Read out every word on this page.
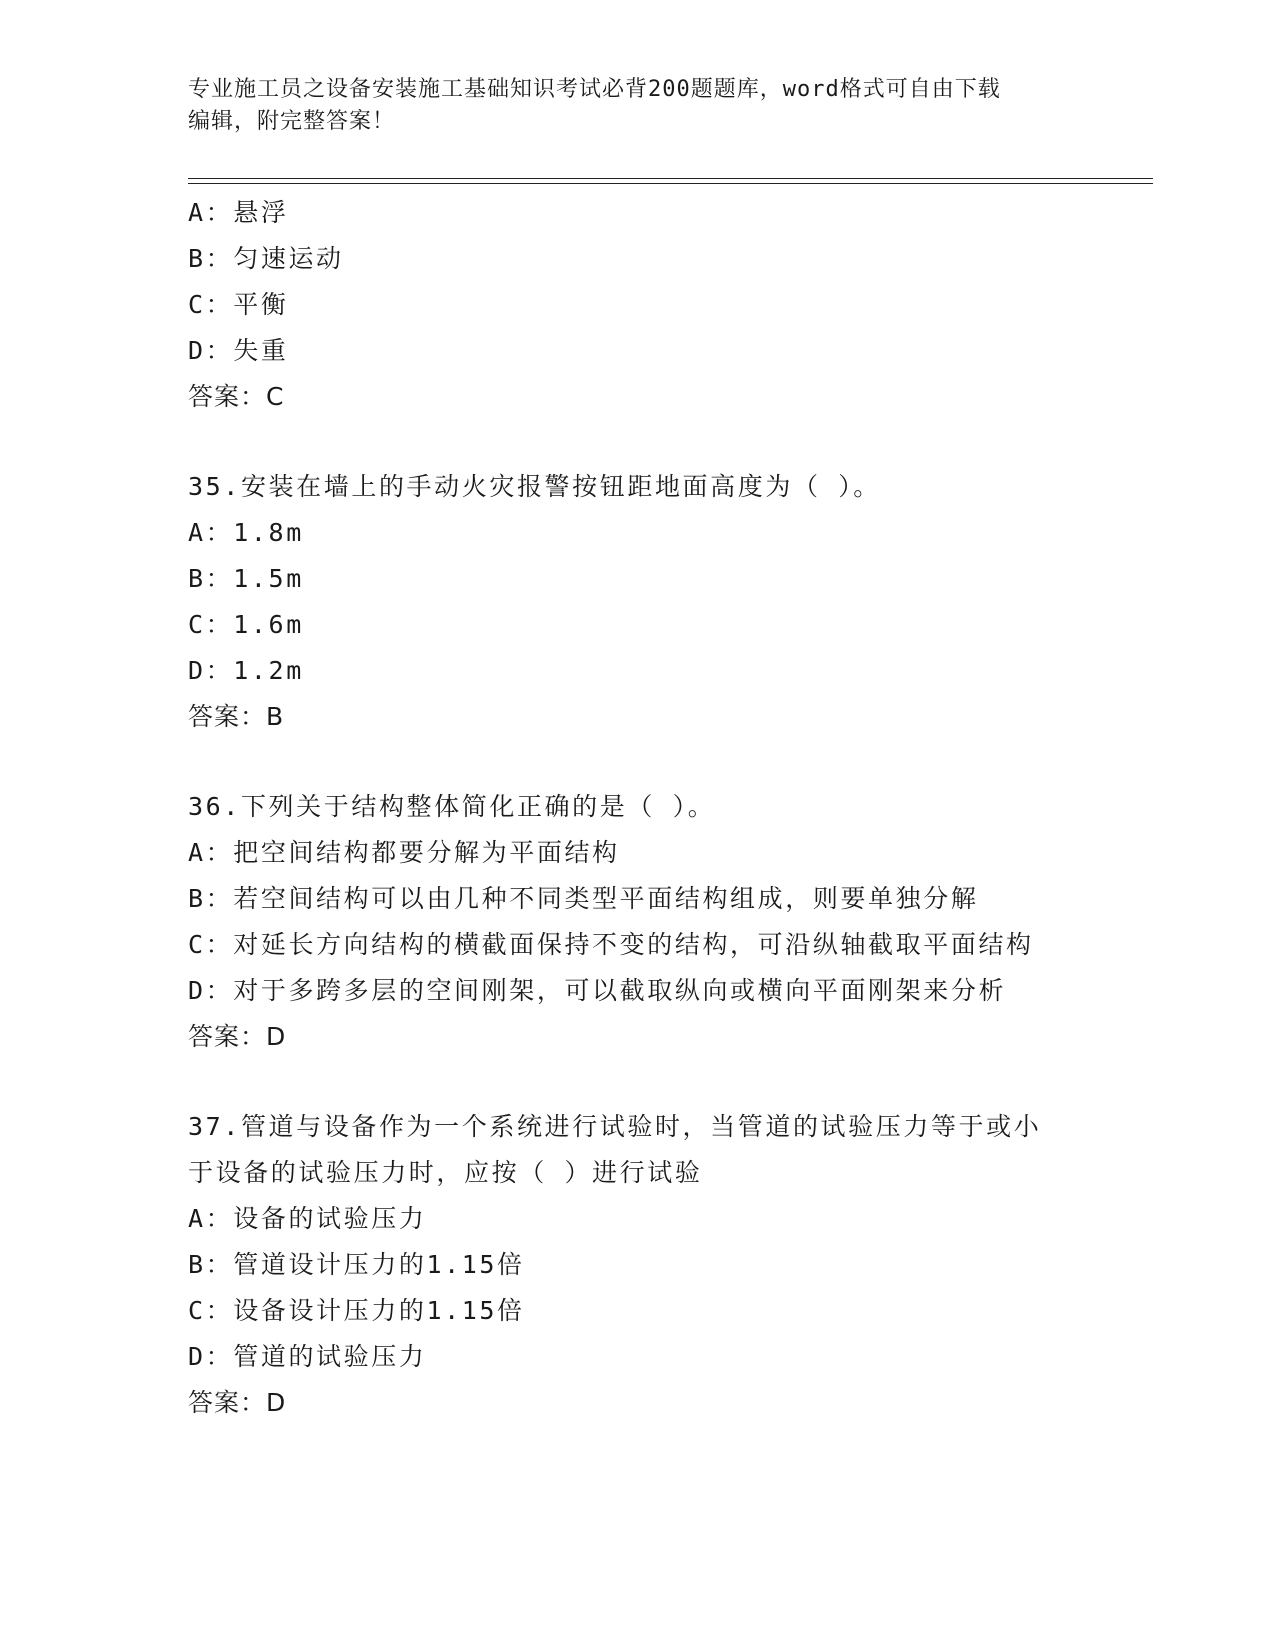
专业施工员之设备安装施工基础知识考试必背200题题库，word格式可自由下载
编辑，附完整答案！
A：悬浮
B：匀速运动
C：平衡
D：失重
答案：C
35.安装在墙上的手动火灾报警按钮距地面高度为（ ）。
A：1.8m
B：1.5m
C：1.6m
D：1.2m
答案：B
36.下列关于结构整体简化正确的是（ ）。
A：把空间结构都要分解为平面结构
B：若空间结构可以由几种不同类型平面结构组成，则要单独分解
C：对延长方向结构的横截面保持不变的结构，可沿纵轴截取平面结构
D：对于多跨多层的空间刚架，可以截取纵向或横向平面刚架来分析
答案：D
37.管道与设备作为一个系统进行试验时，当管道的试验压力等于或小
于设备的试验压力时，应按（ ）进行试验
A：设备的试验压力
B：管道设计压力的1.15倍
C：设备设计压力的1.15倍
D：管道的试验压力
答案：D
